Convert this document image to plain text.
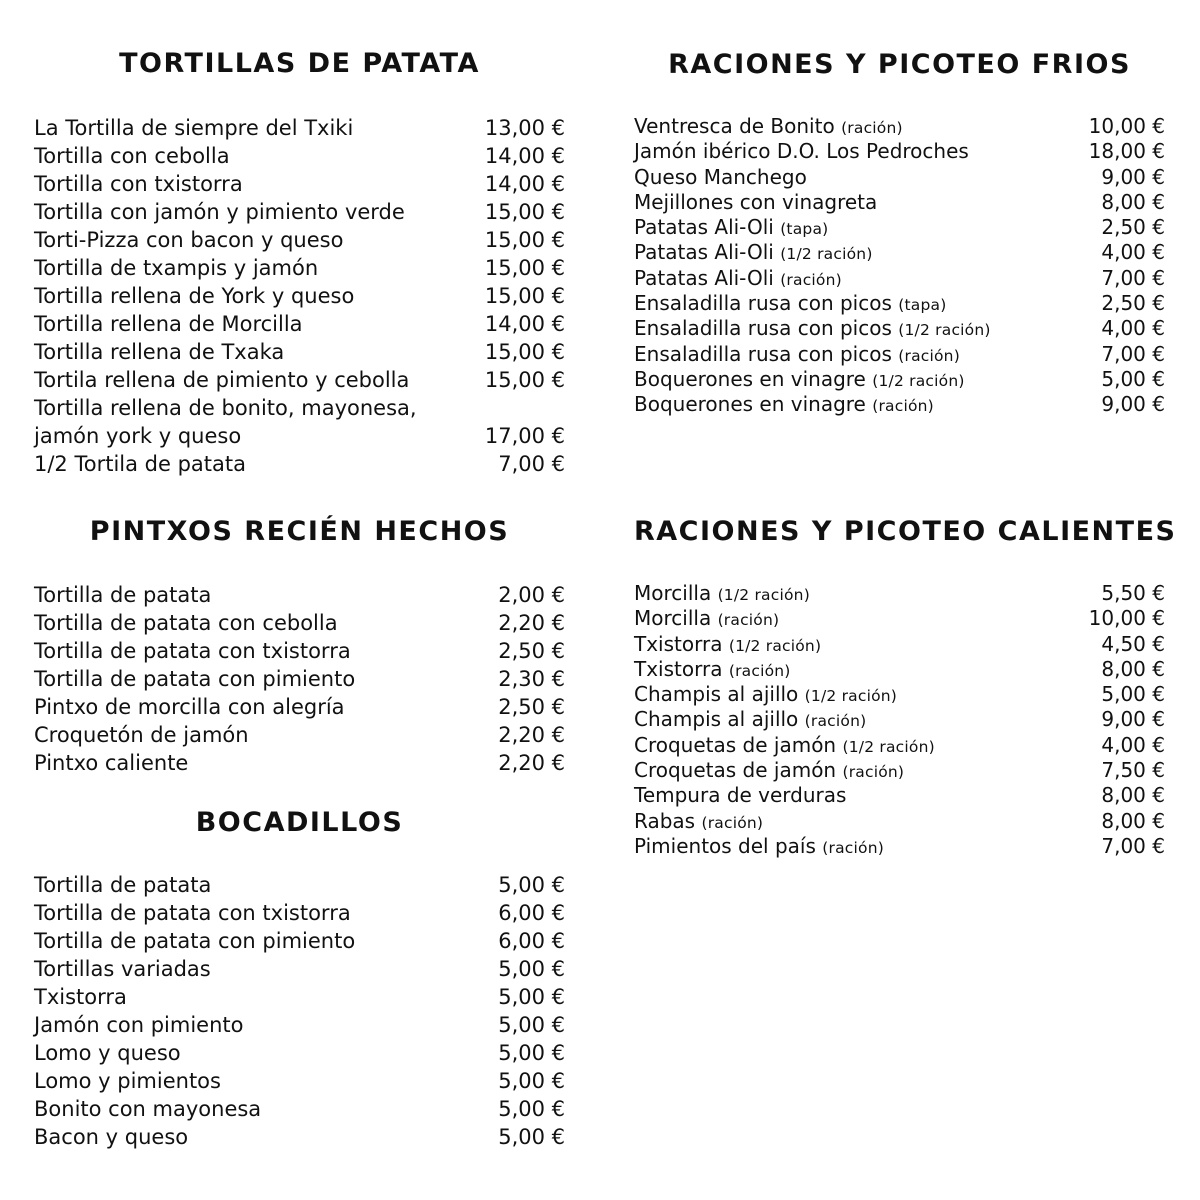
TORTILLAS DE PATATA
La Tortilla de siempre del Txiki	13,00 €
Tortilla con cebolla	14,00 €
Tortilla con txistorra	14,00 €
Tortilla con jamón y pimiento verde	15,00 €
Torti-Pizza con bacon y queso	15,00 €
Tortilla de txampis y jamón	15,00 €
Tortilla rellena de York y queso	15,00 €
Tortilla rellena de Morcilla	14,00 €
Tortilla rellena de Txaka	15,00 €
Tortila rellena de pimiento y cebolla	15,00 €
Tortilla rellena de bonito, mayonesa,
jamón york y queso	17,00 €
1/2 Tortila de patata	7,00 €
PINTXOS RECIÉN HECHOS
Tortilla de patata	2,00 €
Tortilla de patata con cebolla	2,20 €
Tortilla de patata con txistorra	2,50 €
Tortilla de patata con pimiento	2,30 €
Pintxo de morcilla con alegría	2,50 €
Croquetón de jamón	2,20 €
Pintxo caliente	2,20 €
BOCADILLOS
Tortilla de patata	5,00 €
Tortilla de patata con txistorra	6,00 €
Tortilla de patata con pimiento	6,00 €
Tortillas variadas	5,00 €
Txistorra	5,00 €
Jamón con pimiento	5,00 €
Lomo y queso	5,00 €
Lomo y pimientos	5,00 €
Bonito con mayonesa	5,00 €
Bacon y queso	5,00 €
RACIONES Y PICOTEO FRIOS
Ventresca de Bonito (ración)	10,00 €
Jamón ibérico D.O. Los Pedroches	18,00 €
Queso Manchego	9,00 €
Mejillones con vinagreta	8,00 €
Patatas Ali-Oli (tapa)	2,50 €
Patatas Ali-Oli (1/2 ración)	4,00 €
Patatas Ali-Oli (ración)	7,00 €
Ensaladilla rusa con picos (tapa)	2,50 €
Ensaladilla rusa con picos (1/2 ración)	4,00 €
Ensaladilla rusa con picos (ración)	7,00 €
Boquerones en vinagre (1/2 ración)	5,00 €
Boquerones en vinagre (ración)	9,00 €
RACIONES Y PICOTEO CALIENTES
Morcilla (1/2 ración)	5,50 €
Morcilla (ración)	10,00 €
Txistorra (1/2 ración)	4,50 €
Txistorra (ración)	8,00 €
Champis al ajillo (1/2 ración)	5,00 €
Champis al ajillo (ración)	9,00 €
Croquetas de jamón (1/2 ración)	4,00 €
Croquetas de jamón (ración)	7,50 €
Tempura de verduras	8,00 €
Rabas (ración)	8,00 €
Pimientos del país (ración)	7,00 €
